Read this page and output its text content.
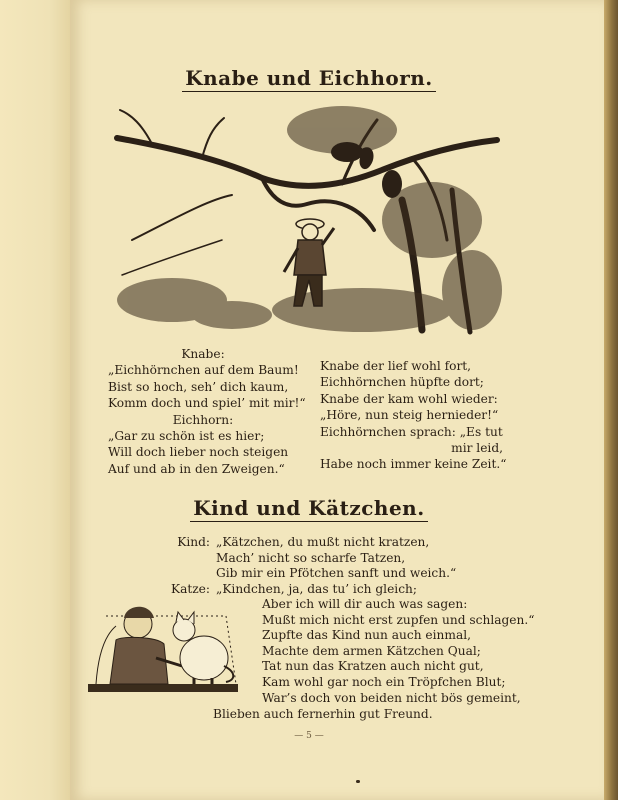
Knabe und Eichhorn.
Knabe:
„Eichhörnchen auf dem Baum!
Bist so hoch, seh’ dich kaum,
Komm doch und spiel’ mit mir!“
Eichhorn:
„Gar zu schön ist es hier;
Will doch lieber noch steigen
Auf und ab in den Zweigen.“
Knabe der lief wohl fort,
Eichhörnchen hüpfte dort;
Knabe der kam wohl wieder:
„Höre, nun steig hernieder!“
Eichhörnchen sprach: „Es tut
mir leid,
Habe noch immer keine Zeit.“
Kind und Kätzchen.
Kind: „Kätzchen, du mußt nicht kratzen,
Mach’ nicht so scharfe Tatzen,
Gib mir ein Pfötchen sanft und weich.“
Katze: „Kindchen, ja, das tu’ ich gleich;
Aber ich will dir auch was sagen:
Mußt mich nicht erst zupfen und schlagen.“
Zupfte das Kind nun auch einmal,
Machte dem armen Kätzchen Qual;
Tat nun das Kratzen auch nicht gut,
Kam wohl gar noch ein Tröpfchen Blut;
War’s doch von beiden nicht bös gemeint,
Blieben auch fernerhin gut Freund.
— 5 —
